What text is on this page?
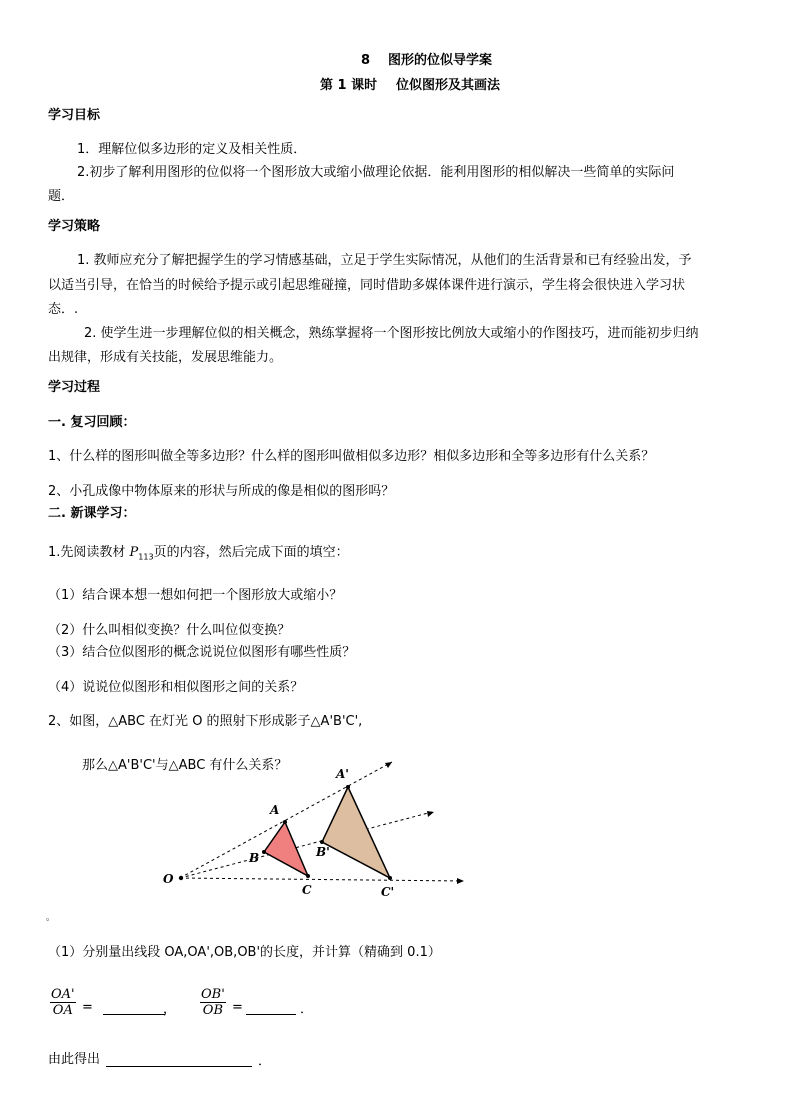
8 图形的位似导学案
第 1 课时 位似图形及其画法
学习目标
1．理解位似多边形的定义及相关性质．
2.初步了解利用图形的位似将一个图形放大或缩小做理论依据．能利用图形的相似解决一些简单的实际问
题．
学习策略
1. 教师应充分了解把握学生的学习情感基础，立足于学生实际情况，从他们的生活背景和已有经验出发，予
以适当引导，在恰当的时候给予提示或引起思维碰撞，同时借助多媒体课件进行演示，学生将会很快进入学习状
态．.
2. 使学生进一步理解位似的相关概念，熟练掌握将一个图形按比例放大或缩小的作图技巧，进而能初步归纳
出规律，形成有关技能，发展思维能力。
学习过程
一. 复习回顾：
1、什么样的图形叫做全等多边形？什么样的图形叫做相似多边形？相似多边形和全等多边形有什么关系？
2、小孔成像中物体原来的形状与所成的像是相似的图形吗？
二. 新课学习：
1.先阅读教材 $P_{113}$页的内容，然后完成下面的填空：
（1）结合课本想一想如何把一个图形放大或缩小？
（2）什么叫相似变换？什么叫位似变换？
（3）结合位似图形的概念说说位似图形有哪些性质？
（4）说说位似图形和相似图形之间的关系？
2、如图，△ABC 在灯光 O 的照射下形成影子△A'B'C',
那么△A'B'C'与△ABC 有什么关系？
O
A
B
C
A'
B'
C'
。
（1）分别量出线段 OA,OA',OB,OB'的长度，并计算（精确到 0.1）
$\frac{OA'}{OA}$ =	， $\frac{OB'}{OB}$ =	．
由此得出	．
